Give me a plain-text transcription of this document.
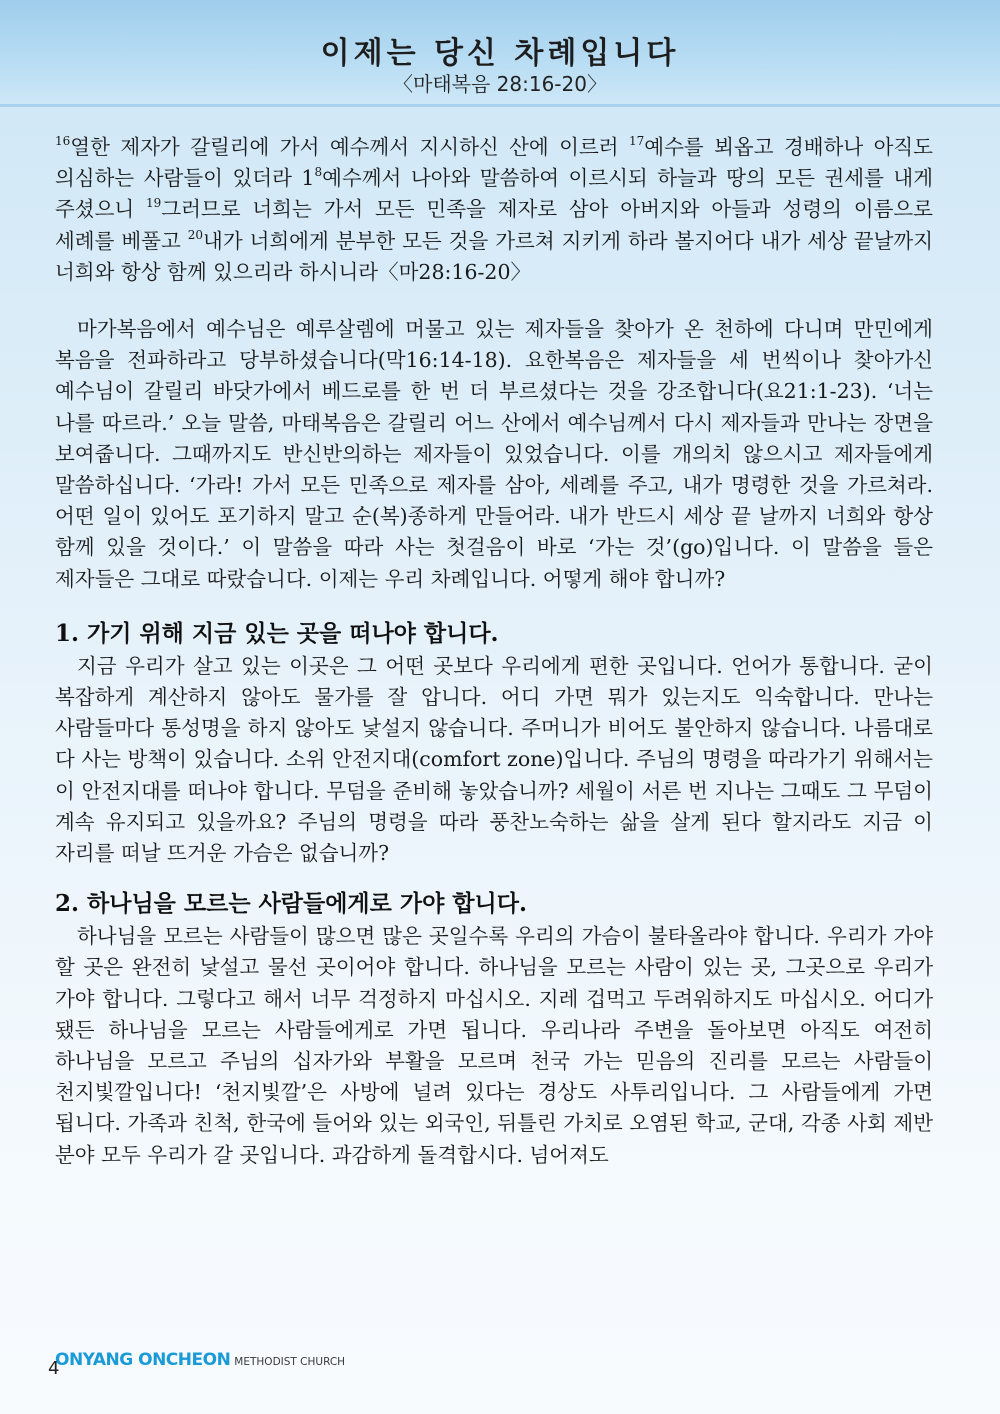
이제는 당신 차례입니다

〈마태복음 28:16-20〉

$^{16}$열한 제자가 갈릴리에 가서 예수께서 지시하신 산에 이르러 $^{17}$예수를 뵈옵고 경배하나 아직도 의심하는 사람들이 있더라 $1^8$예수께서 나아와 말씀하여 이르시되 하늘과 땅의 모든 권세를 내게 주셨으니 $^{19}$그러므로 너희는 가서 모든 민족을 제자로 삼아 아버지와 아들과 성령의 이름으로 세례를 베풀고 $^{20}$내가 너희에게 분부한 모든 것을 가르쳐 지키게 하라 볼지어다 내가 세상 끝날까지 너희와 항상 함께 있으리라 하시니라〈마28:16-20〉

마가복음에서 예수님은 예루살렘에 머물고 있는 제자들을 찾아가 온 천하에 다니며 만민에게 복음을 전파하라고 당부하셨습니다(막16:14-18). 요한복음은 제자들을 세 번씩이나 찾아가신 예수님이 갈릴리 바닷가에서 베드로를 한 번 더 부르셨다는 것을 강조합니다(요21:1-23). ‘너는 나를 따르라.’ 오늘 말씀, 마태복음은 갈릴리 어느 산에서 예수님께서 다시 제자들과 만나는 장면을 보여줍니다. 그때까지도 반신반의하는 제자들이 있었습니다. 이를 개의치 않으시고 제자들에게 말씀하십니다. ‘가라! 가서 모든 민족으로 제자를 삼아, 세례를 주고, 내가 명령한 것을 가르쳐라. 어떤 일이 있어도 포기하지 말고 순(복)종하게 만들어라. 내가 반드시 세상 끝 날까지 너희와 항상 함께 있을 것이다.’ 이 말씀을 따라 사는 첫걸음이 바로 ‘가는 것’(go)입니다. 이 말씀을 들은 제자들은 그대로 따랐습니다. 이제는 우리 차례입니다. 어떻게 해야 합니까?

1. 가기 위해 지금 있는 곳을 떠나야 합니다.

지금 우리가 살고 있는 이곳은 그 어떤 곳보다 우리에게 편한 곳입니다. 언어가 통합니다. 굳이 복잡하게 계산하지 않아도 물가를 잘 압니다. 어디 가면 뭐가 있는지도 익숙합니다. 만나는 사람들마다 통성명을 하지 않아도 낯설지 않습니다. 주머니가 비어도 불안하지 않습니다. 나름대로 다 사는 방책이 있습니다. 소위 안전지대(comfort zone)입니다. 주님의 명령을 따라가기 위해서는 이 안전지대를 떠나야 합니다. 무덤을 준비해 놓았습니까? 세월이 서른 번 지나는 그때도 그 무덤이 계속 유지되고 있을까요? 주님의 명령을 따라 풍찬노숙하는 삶을 살게 된다 할지라도 지금 이 자리를 떠날 뜨거운 가슴은 없습니까?

2. 하나님을 모르는 사람들에게로 가야 합니다.

하나님을 모르는 사람들이 많으면 많은 곳일수록 우리의 가슴이 불타올라야 합니다. 우리가 가야 할 곳은 완전히 낯설고 물선 곳이어야 합니다. 하나님을 모르는 사람이 있는 곳, 그곳으로 우리가 가야 합니다. 그렇다고 해서 너무 걱정하지 마십시오. 지레 겁먹고 두려워하지도 마십시오. 어디가 됐든 하나님을 모르는 사람들에게로 가면 됩니다. 우리나라 주변을 돌아보면 아직도 여전히 하나님을 모르고 주님의 십자가와 부활을 모르며 천국 가는 믿음의 진리를 모르는 사람들이 천지빛깔입니다! ‘천지빛깔’은 사방에 널려 있다는 경상도 사투리입니다. 그 사람들에게 가면 됩니다. 가족과 친척, 한국에 들어와 있는 외국인, 뒤틀린 가치로 오염된 학교, 군대, 각종 사회 제반 분야 모두 우리가 갈 곳입니다. 과감하게 돌격합시다. 넘어져도

ONYANG ONCHEON METHODIST CHURCH
4
